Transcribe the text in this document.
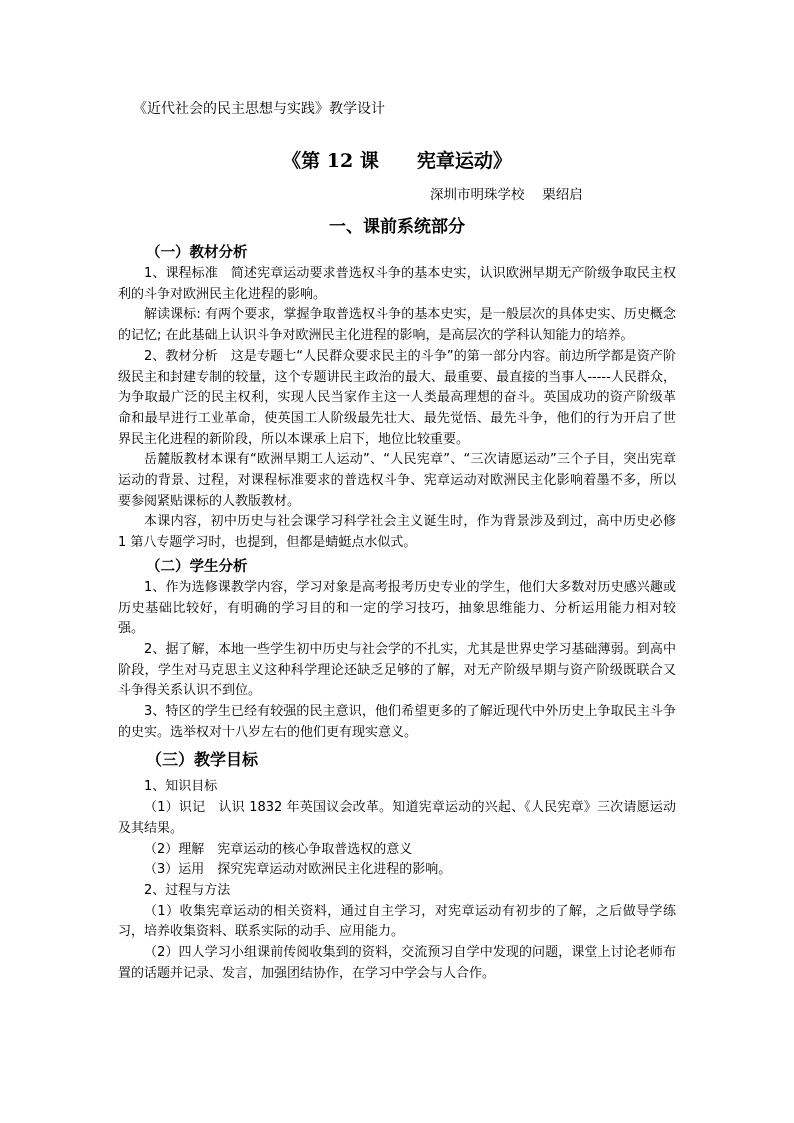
《近代社会的民主思想与实践》教学设计
《第 12 课　　宪章运动》
深圳市明珠学校　 栗绍启
一、课前系统部分
（一）教材分析

1、课程标准　简述宪章运动要求普选权斗争的基本史实，认识欧洲早期无产阶级争取民主权利的斗争对欧洲民主化进程的影响。

解读课标: 有两个要求，掌握争取普选权斗争的基本史实，是一般层次的具体史实、历史概念的记忆; 在此基础上认识斗争对欧洲民主化进程的影响，是高层次的学科认知能力的培养。

2、教材分析　这是专题七“人民群众要求民主的斗争”的第一部分内容。前边所学都是资产阶级民主和封建专制的较量，这个专题讲民主政治的最大、最重要、最直接的当事人-----人民群众，为争取最广泛的民主权利，实现人民当家作主这一人类最高理想的奋斗。英国成功的资产阶级革命和最早进行工业革命，使英国工人阶级最先壮大、最先觉悟、最先斗争，他们的行为开启了世界民主化进程的新阶段，所以本课承上启下，地位比较重要。

岳麓版教材本课有“欧洲早期工人运动”、“人民宪章”、“三次请愿运动”三个子目，突出宪章运动的背景、过程，对课程标准要求的普选权斗争、宪章运动对欧洲民主化影响着墨不多，所以要参阅紧贴课标的人教版教材。

本课内容，初中历史与社会课学习科学社会主义诞生时，作为背景涉及到过，高中历史必修 1 第八专题学习时，也提到，但都是蜻蜓点水似式。

（二）学生分析

1、作为选修课教学内容，学习对象是高考报考历史专业的学生，他们大多数对历史感兴趣或历史基础比较好，有明确的学习目的和一定的学习技巧，抽象思维能力、分析运用能力相对较强。

2、据了解，本地一些学生初中历史与社会学的不扎实，尤其是世界史学习基础薄弱。到高中阶段，学生对马克思主义这种科学理论还缺乏足够的了解，对无产阶级早期与资产阶级既联合又斗争得关系认识不到位。

3、特区的学生已经有较强的民主意识，他们希望更多的了解近现代中外历史上争取民主斗争的史实。选举权对十八岁左右的他们更有现实意义。

（三）教学目标

1、知识目标

（1）识记　认识 1832 年英国议会改革。知道宪章运动的兴起、《人民宪章》三次请愿运动及其结果。

（2）理解　宪章运动的核心争取普选权的意义

（3）运用　探究宪章运动对欧洲民主化进程的影响。

2、过程与方法

（1）收集宪章运动的相关资料，通过自主学习，对宪章运动有初步的了解，之后做导学练习，培养收集资料、联系实际的动手、应用能力。

（2）四人学习小组课前传阅收集到的资料，交流预习自学中发现的问题，课堂上讨论老师布置的话题并记录、发言，加强团结协作，在学习中学会与人合作。
